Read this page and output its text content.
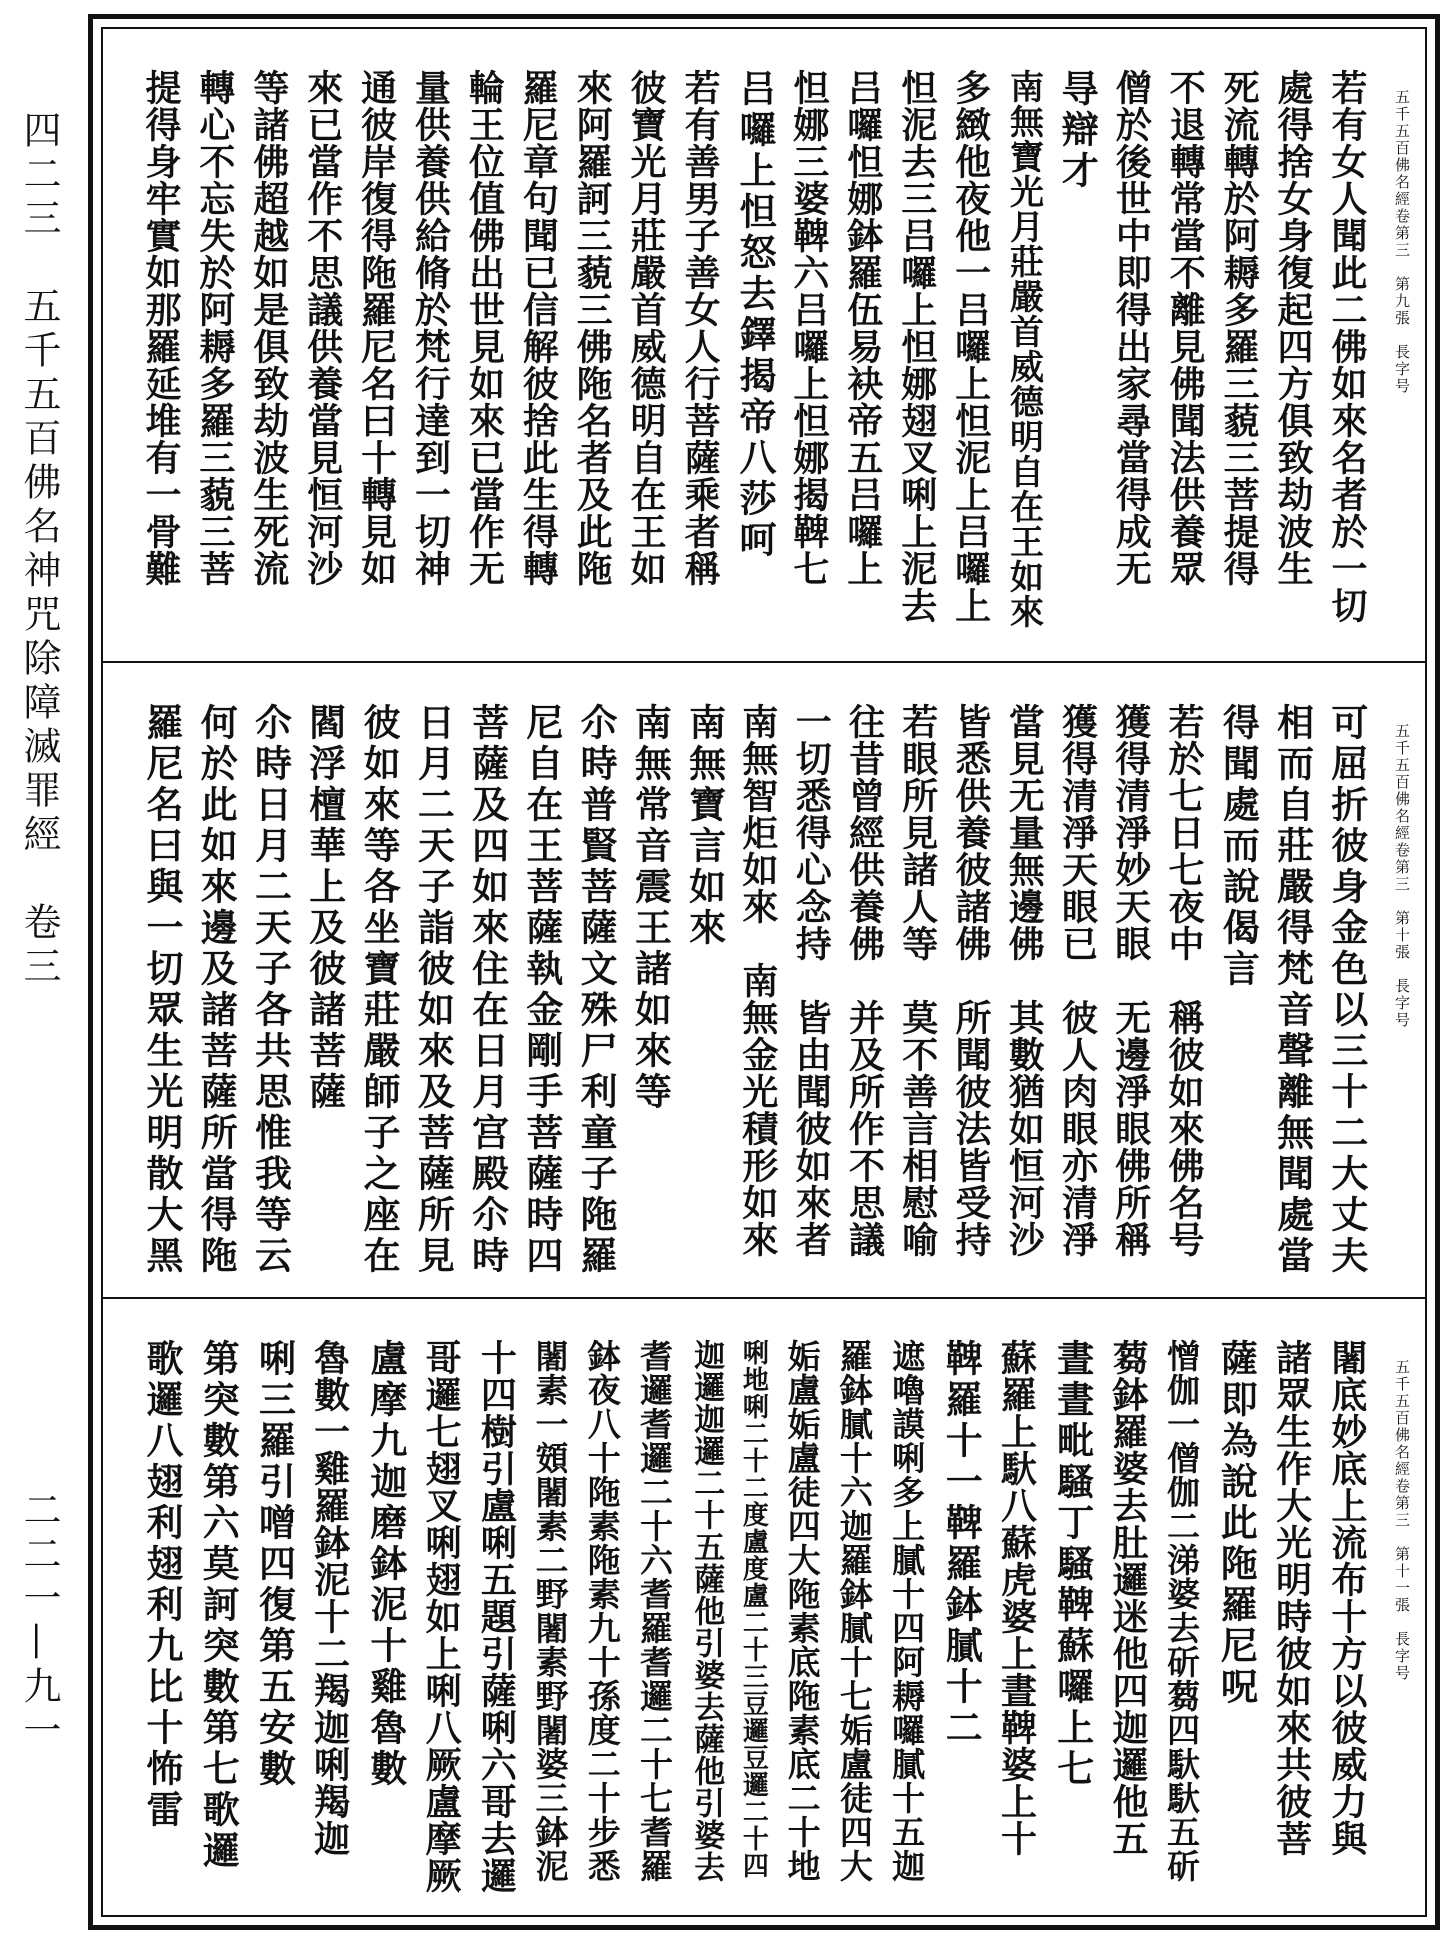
四二三　五千五百佛名神咒除障滅罪經　卷三
二二一—九一
五千五百佛名經卷第三　第九張　長字号
若有女人聞此二佛如來名者於一切
處得捨女身復起四方俱致劫波生
死流轉於阿耨多羅三藐三菩提得
不退轉常當不離見佛聞法供養眾
僧於後世中即得出家尋當得成无
㝵辯才
南無寶光月莊嚴首威德明自在王如來
多緻他夜他一吕囉上怛泥上吕囉上
怛泥去三吕囉上怛娜翅叉唎上泥去
吕囉怛娜鉢羅伍易袂帝五吕囉上
怛娜三婆鞞六吕囉上怛娜揭鞞七
吕囉上怛怒去鐸揭帝八莎呵
若有善男子善女人行菩薩乘者稱
彼寶光月莊嚴首威德明自在王如
來阿羅訶三藐三佛陁名者及此陁
羅尼章句聞已信解彼捨此生得轉
輪王位值佛出世見如來已當作无
量供養供給脩於梵行達到一切神
通彼岸復得陁羅尼名曰十轉見如
來已當作不思議供養當見恒河沙
等諸佛超越如是俱致劫波生死流
轉心不忘失於阿耨多羅三藐三菩
提得身牢實如那羅延堆有一骨難
五千五百佛名經卷第三　第十張　長字号
可屈折彼身金色以三十二大丈夫
相而自莊嚴得梵音聲離無聞處當
得聞處而說偈言
若於七日七夜中　稱彼如來佛名号
獲得清淨妙天眼　无邊淨眼佛所稱
獲得清淨天眼已　彼人肉眼亦清淨
當見无量無邊佛　其數猶如恒河沙
皆悉供養彼諸佛　所聞彼法皆受持
若眼所見諸人等　莫不善言相慰喻
往昔曾經供養佛　并及所作不思議
一切悉得心念持　皆由聞彼如來者
南無智炬如來　南無金光積形如來
南無寶言如來
南無常音震王諸如來等
尒時普賢菩薩文殊尸利童子陁羅
尼自在王菩薩執金剛手菩薩時四
菩薩及四如來住在日月宫殿尒時
日月二天子詣彼如來及菩薩所見
彼如來等各坐寶莊嚴師子之座在
閻浮檀華上及彼諸菩薩
尒時日月二天子各共思惟我等云
何於此如來邊及諸菩薩所當得陁
羅尼名曰與一切眾生光明散大黑
五千五百佛名經卷第三　第十一張　長字号
闍底妙底上流布十方以彼威力與
諸眾生作大光明時彼如來共彼菩
薩即為說此陁羅尼呪
憎伽一僧伽二涕婆去斫蒭四馱馱五斫
蒭鉢羅婆去肚邏迷他四迦邏他五
晝晝毗騷丁騷鞞蘇囉上七
蘇羅上馱八蘇虎婆上晝鞞婆上十
鞞羅十一鞞羅鉢膩十二
遮嚕謨唎多上膩十四阿耨囉膩十五迦
羅鉢膩十六迦羅鉢膩十七姤盧徒四大
姤盧姤盧徒四大陁素底陁素底二十地
唎地唎二十二度盧度盧二十三豆邏豆邏二十四
迦邏迦邏二十五薩他引婆去薩他引婆去
耆邏耆邏二十六耆羅耆邏二十七耆羅
鉢夜八十陁素陁素九十孫度二十步悉
闍素一頞闍素二野闍素野闍婆三鉢泥
十四樹引盧唎五題引薩唎六哥去邏
哥邏七翅叉唎翅如上唎八厥盧摩厥
盧摩九迦磨鉢泥十雞魯數
魯數一雞羅鉢泥十二羯迦唎羯迦
唎三羅引噌四復第五安數
第突數第六莫訶突數第七歌邏
歌邏八翅利翅利九比十怖雷
